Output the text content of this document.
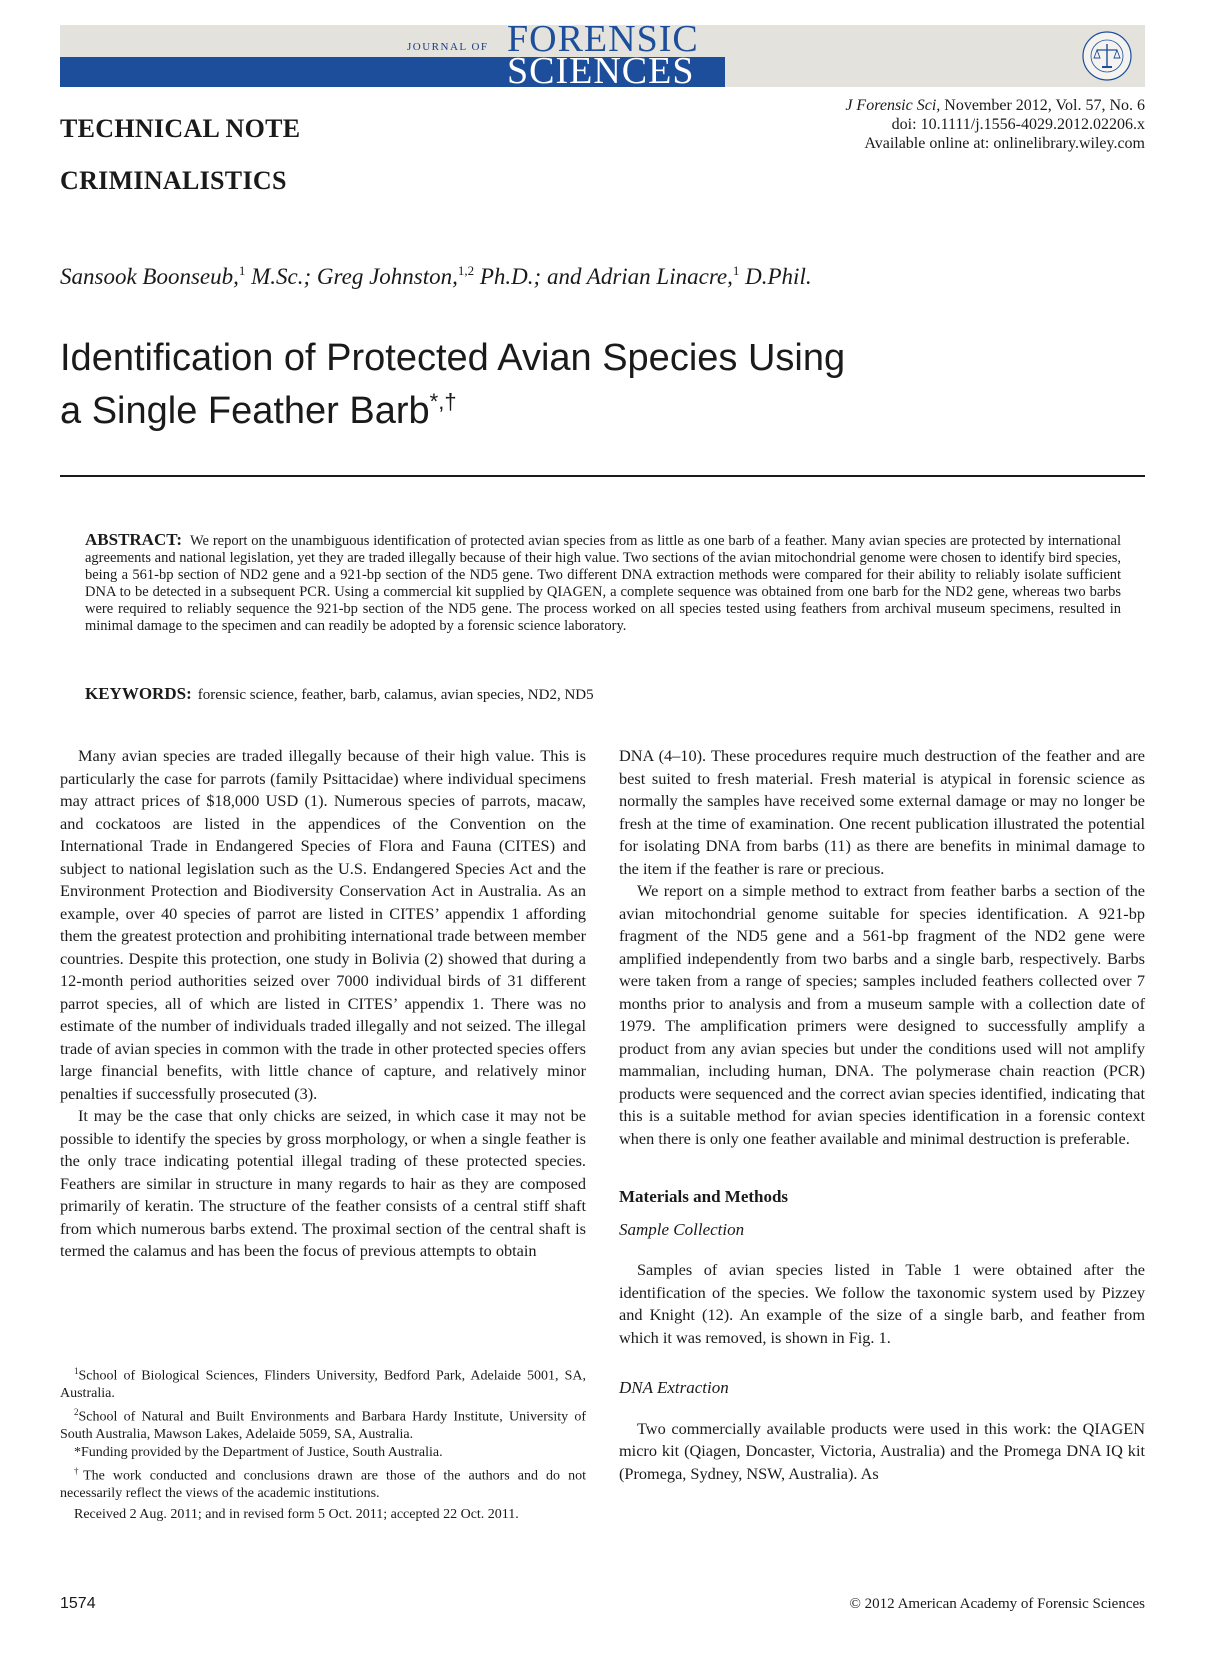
JOURNAL OF FORENSIC
SCIENCES
J Forensic Sci, November 2012, Vol. 57, No. 6
doi: 10.1111/j.1556-4029.2012.02206.x
Available online at: onlinelibrary.wiley.com
TECHNICAL NOTE
CRIMINALISTICS
Sansook Boonseub,$^1$ M.Sc.; Greg Johnston,$^{1,2}$ Ph.D.; and Adrian Linacre,$^1$ D.Phil.
Identification of Protected Avian Species Using
a Single Feather Barb*,†
ABSTRACT: We report on the unambiguous identification of protected avian species from as little as one barb of a feather. Many avian species are protected by international agreements and national legislation, yet they are traded illegally because of their high value. Two sections of the avian mitochondrial genome were chosen to identify bird species, being a 561-bp section of ND2 gene and a 921-bp section of the ND5 gene. Two different DNA extraction methods were compared for their ability to reliably isolate sufficient DNA to be detected in a subsequent PCR. Using a commercial kit supplied by QIAGEN, a complete sequence was obtained from one barb for the ND2 gene, whereas two barbs were required to reliably sequence the 921-bp section of the ND5 gene. The process worked on all species tested using feathers from archival museum specimens, resulted in minimal damage to the specimen and can readily be adopted by a forensic science laboratory.
KEYWORDS: forensic science, feather, barb, calamus, avian species, ND2, ND5

Many avian species are traded illegally because of their high value. This is particularly the case for parrots (family Psittacidae) where individual specimens may attract prices of $18,000 USD (1). Numerous species of parrots, macaw, and cockatoos are listed in the appendices of the Convention on the International Trade in Endangered Species of Flora and Fauna (CITES) and subject to national legislation such as the U.S. Endangered Species Act and the Environment Protection and Biodiversity Conservation Act in Australia. As an example, over 40 species of parrot are listed in CITES’ appendix 1 affording them the greatest protection and prohibiting international trade between member countries. Despite this protection, one study in Bolivia (2) showed that during a 12-month period authorities seized over 7000 individual birds of 31 different parrot species, all of which are listed in CITES’ appendix 1. There was no estimate of the number of individuals traded illegally and not seized. The illegal trade of avian species in common with the trade in other protected species offers large financial benefits, with little chance of capture, and relatively minor penalties if successfully prosecuted (3).

It may be the case that only chicks are seized, in which case it may not be possible to identify the species by gross morphology, or when a single feather is the only trace indicating potential illegal trading of these protected species. Feathers are similar in structure in many regards to hair as they are composed primarily of keratin. The structure of the feather consists of a central stiff shaft from which numerous barbs extend. The proximal section of the central shaft is termed the calamus and has been the focus of previous attempts to obtain

DNA (4–10). These procedures require much destruction of the feather and are best suited to fresh material. Fresh material is atypical in forensic science as normally the samples have received some external damage or may no longer be fresh at the time of examination. One recent publication illustrated the potential for isolating DNA from barbs (11) as there are benefits in minimal damage to the item if the feather is rare or precious.

We report on a simple method to extract from feather barbs a section of the avian mitochondrial genome suitable for species identification. A 921-bp fragment of the ND5 gene and a 561-bp fragment of the ND2 gene were amplified independently from two barbs and a single barb, respectively. Barbs were taken from a range of species; samples included feathers collected over 7 months prior to analysis and from a museum sample with a collection date of 1979. The amplification primers were designed to successfully amplify a product from any avian species but under the conditions used will not amplify mammalian, including human, DNA. The polymerase chain reaction (PCR) products were sequenced and the correct avian species identified, indicating that this is a suitable method for avian species identification in a forensic context when there is only one feather available and minimal destruction is preferable.

Materials and Methods
Sample Collection

Samples of avian species listed in Table 1 were obtained after the identification of the species. We follow the taxonomic system used by Pizzey and Knight (12). An example of the size of a single barb, and feather from which it was removed, is shown in Fig. 1.

DNA Extraction

Two commercially available products were used in this work: the QIAGEN micro kit (Qiagen, Doncaster, Victoria, Australia) and the Promega DNA IQ kit (Promega, Sydney, NSW, Australia). As

$^1$School of Biological Sciences, Flinders University, Bedford Park, Adelaide 5001, SA, Australia.

$^2$School of Natural and Built Environments and Barbara Hardy Institute, University of South Australia, Mawson Lakes, Adelaide 5059, SA, Australia.

*Funding provided by the Department of Justice, South Australia.

†The work conducted and conclusions drawn are those of the authors and do not necessarily reflect the views of the academic institutions.

Received 2 Aug. 2011; and in revised form 5 Oct. 2011; accepted 22 Oct. 2011.

1574	© 2012 American Academy of Forensic Sciences
